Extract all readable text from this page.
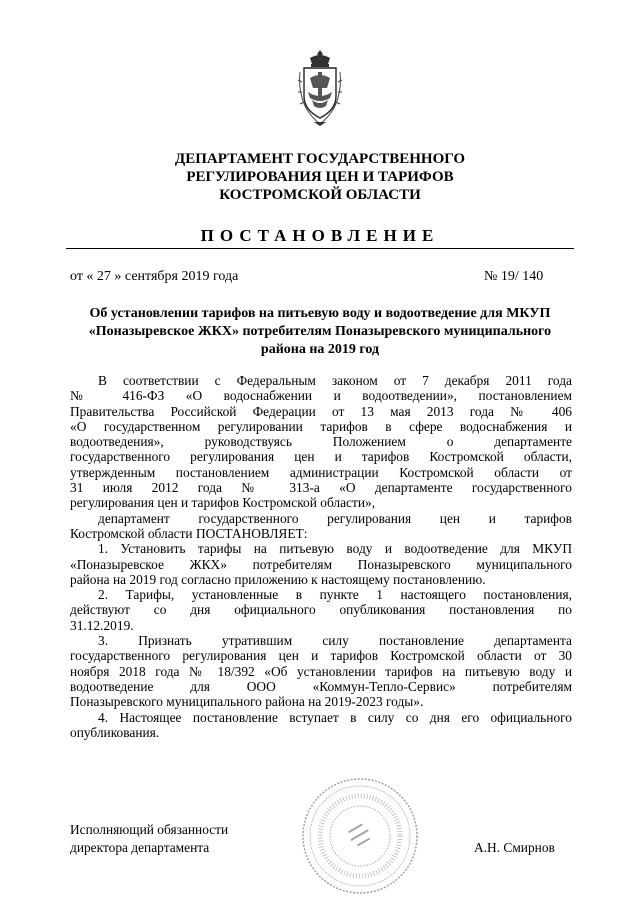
ДЕПАРТАМЕНТ ГОСУДАРСТВЕННОГО
РЕГУЛИРОВАНИЯ ЦЕН И ТАРИФОВ
КОСТРОМСКОЙ ОБЛАСТИ
ПОСТАНОВЛЕНИЕ
от « 27 » сентября 2019 года	№ 19/ 140
Об установлении тарифов на питьевую воду и водоотведение для МКУП
«Поназыревское ЖКХ» потребителям Поназыревского муниципального
района на 2019 год
В соответствии с Федеральным законом от 7 декабря 2011 года
№ 416-ФЗ «О водоснабжении и водоотведении», постановлением
Правительства Российской Федерации от 13 мая 2013 года № 406
«О государственном регулировании тарифов в сфере водоснабжения и
водоотведения», руководствуясь Положением о департаменте
государственного регулирования цен и тарифов Костромской области,
утвержденным постановлением администрации Костромской области от
31 июля 2012 года № 313-а «О департаменте государственного
регулирования цен и тарифов Костромской области»,
департамент государственного регулирования цен и тарифов
Костромской области ПОСТАНОВЛЯЕТ:
1. Установить тарифы на питьевую воду и водоотведение для МКУП
«Поназыревское ЖКХ» потребителям Поназыревского муниципального
района на 2019 год согласно приложению к настоящему постановлению.
2. Тарифы, установленные в пункте 1 настоящего постановления,
действуют со дня официального опубликования постановления по
31.12.2019.
3. Признать утратившим силу постановление департамента
государственного регулирования цен и тарифов Костромской области от 30
ноября 2018 года № 18/392 «Об установлении тарифов на питьевую воду и
водоотведение для ООО «Коммун-Тепло-Сервис» потребителям
Поназыревского муниципального района на 2019-2023 годы».
4. Настоящее постановление вступает в силу со дня его официального
опубликования.
Исполняющий обязанности
директора департамента	А.Н. Смирнов
